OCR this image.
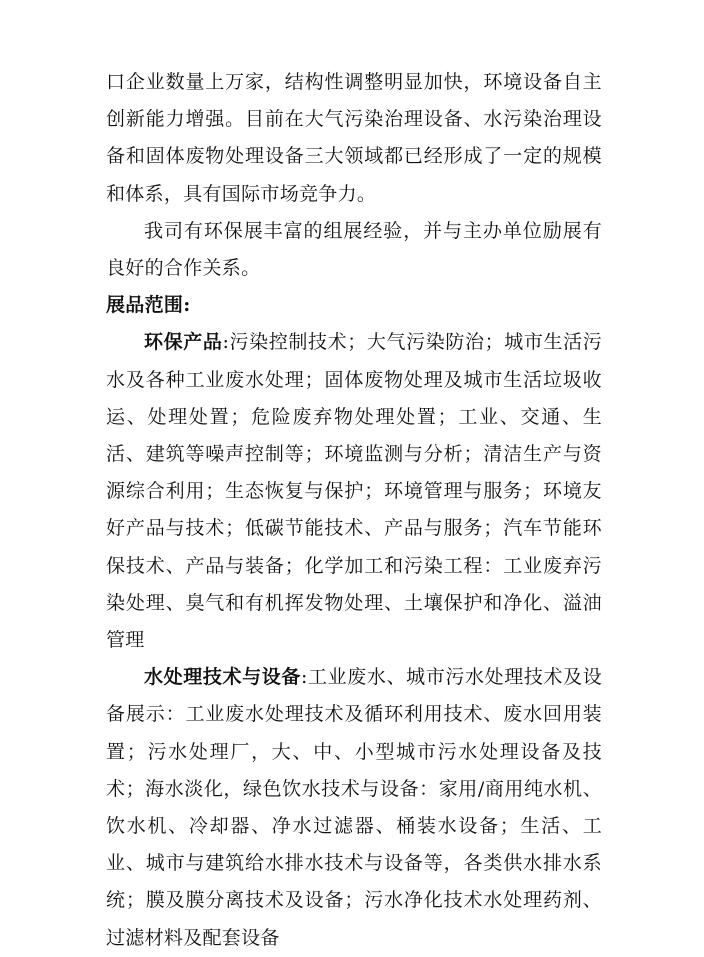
口企业数量上万家，结构性调整明显加快，环境设备自主创新能力增强。目前在大气污染治理设备、水污染治理设备和固体废物处理设备三大领域都已经形成了一定的规模和体系，具有国际市场竞争力。

我司有环保展丰富的组展经验，并与主办单位励展有良好的合作关系。

展品范围:

环保产品:污染控制技术；大气污染防治；城市生活污水及各种工业废水处理；固体废物处理及城市生活垃圾收运、处理处置；危险废弃物处理处置；工业、交通、生活、建筑等噪声控制等；环境监测与分析；清洁生产与资源综合利用；生态恢复与保护；环境管理与服务；环境友好产品与技术；低碳节能技术、产品与服务；汽车节能环保技术、产品与装备；化学加工和污染工程：工业废弃污染处理、臭气和有机挥发物处理、土壤保护和净化、溢油管理

水处理技术与设备:工业废水、城市污水处理技术及设备展示：工业废水处理技术及循环利用技术、废水回用装置；污水处理厂，大、中、小型城市污水处理设备及技术；海水淡化，绿色饮水技术与设备：家用/商用纯水机、饮水机、冷却器、净水过滤器、桶装水设备；生活、工业、城市与建筑给水排水技术与设备等，各类供水排水系统；膜及膜分离技术及设备；污水净化技术水处理药剂、过滤材料及配套设备
